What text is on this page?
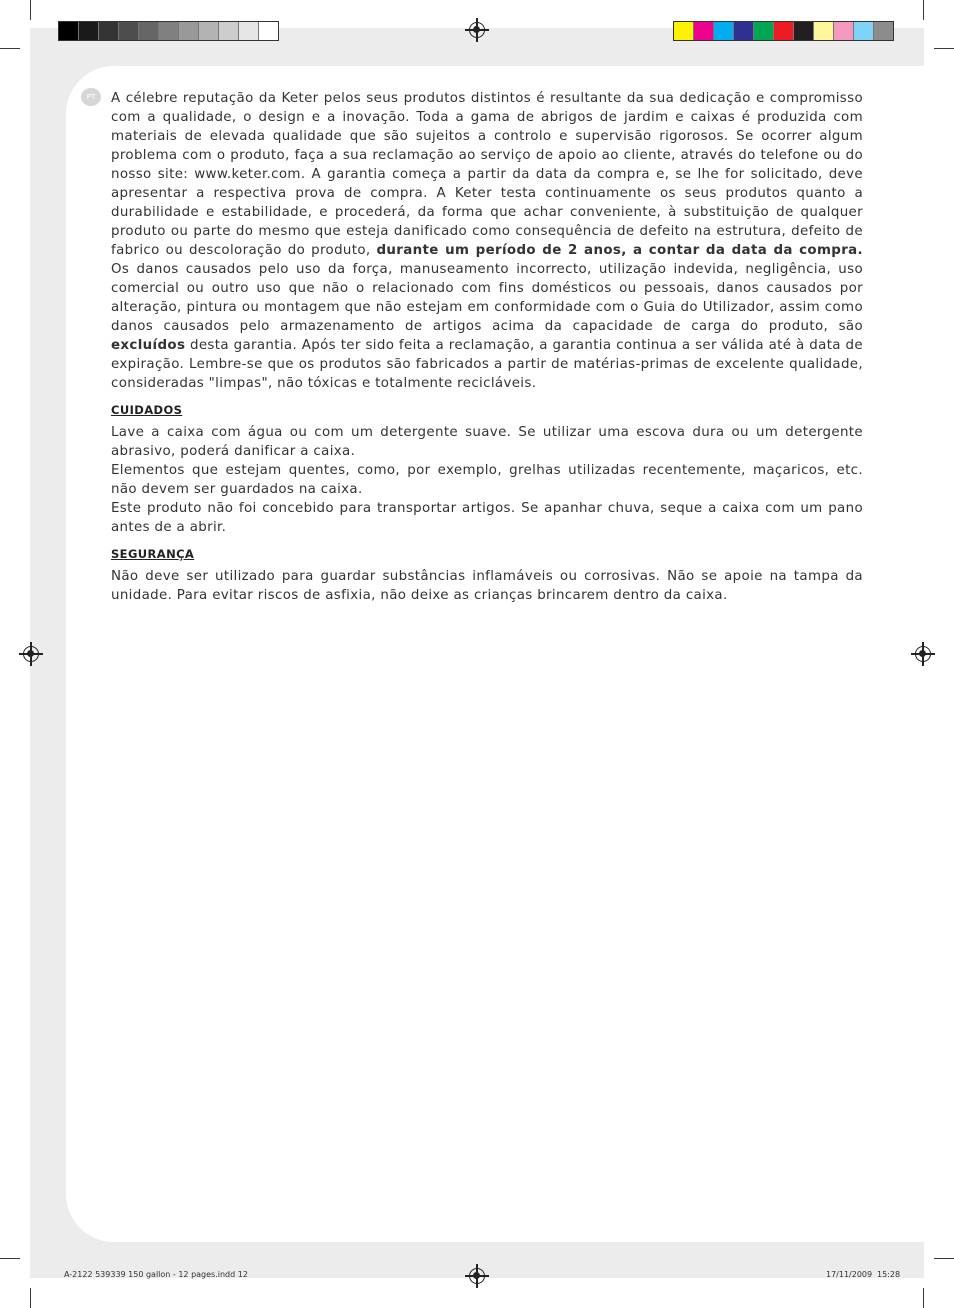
PT	A célebre reputação da Keter pelos seus produtos distintos é resultante da sua dedicação e compromisso com a qualidade, o design e a inovação. Toda a gama de abrigos de jardim e caixas é produzida com materiais de elevada qualidade que são sujeitos a controlo e supervisão rigorosos. Se ocorrer algum problema com o produto, faça a sua reclamação ao serviço de apoio ao cliente, através do telefone ou do nosso site: www.keter.com. A garantia começa a partir da data da compra e, se lhe for solicitado, deve apresentar a respectiva prova de compra. A Keter testa continuamente os seus produtos quanto a durabilidade e estabilidade, e procederá, da forma que achar conveniente, à substituição de qualquer produto ou parte do mesmo que esteja danificado como consequência de defeito na estrutura, defeito de fabrico ou descoloração do produto, durante um período de 2 anos, a contar da data da compra. Os danos causados pelo uso da força, manuseamento incorrecto, utilização indevida, negligência, uso comercial ou outro uso que não o relacionado com fins domésticos ou pessoais, danos causados por alteração, pintura ou montagem que não estejam em conformidade com o Guia do Utilizador, assim como danos causados pelo armazenamento de artigos acima da capacidade de carga do produto, são excluídos desta garantia. Após ter sido feita a reclamação, a garantia continua a ser válida até à data de expiração. Lembre-se que os produtos são fabricados a partir de matérias-primas de excelente qualidade, consideradas "limpas", não tóxicas e totalmente recicláveis.

CUIDADOS

Lave a caixa com água ou com um detergente suave. Se utilizar uma escova dura ou um detergente abrasivo, poderá danificar a caixa.

Elementos que estejam quentes, como, por exemplo, grelhas utilizadas recentemente, maçaricos, etc. não devem ser guardados na caixa.

Este produto não foi concebido para transportar artigos. Se apanhar chuva, seque a caixa com um pano antes de a abrir.

SEGURANÇA

Não deve ser utilizado para guardar substâncias inflamáveis ou corrosivas. Não se apoie na tampa da unidade. Para evitar riscos de asfixia, não deixe as crianças brincarem dentro da caixa.

A-2122 539339 150 gallon - 12 pages.indd 12	17/11/2009 15:28
